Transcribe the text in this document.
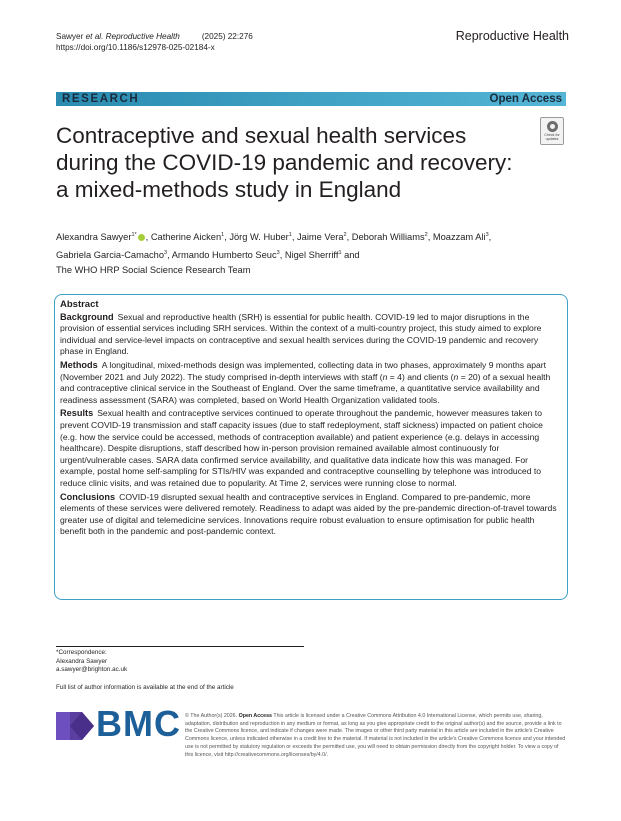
Sawyer et al. Reproductive Health	(2025) 22:276
https://doi.org/10.1186/s12978-025-02184-x
Reproductive Health
RESEARCH	Open Access
Contraceptive and sexual health services during the COVID-19 pandemic and recovery: a mixed-methods study in England
Check for
updates
Alexandra Sawyer$^{1*}$ , Catherine Aicken$^1$, Jörg W. Huber$^1$, Jaime Vera$^2$, Deborah Williams$^2$, Moazzam Ali$^3$,
Gabriela Garcia-Camacho$^3$, Armando Humberto Seuc$^3$, Nigel Sherriff$^1$ and
The WHO HRP Social Science Research Team
Abstract

Background Sexual and reproductive health (SRH) is essential for public health. COVID-19 led to major disruptions in the provision of essential services including SRH services. Within the context of a multi-country project, this study aimed to explore individual and service-level impacts on contraceptive and sexual health services during the COVID-19 pandemic and recovery phase in England.

Methods A longitudinal, mixed-methods design was implemented, collecting data in two phases, approximately 9 months apart (November 2021 and July 2022). The study comprised in-depth interviews with staff (n = 4) and clients (n = 20) of a sexual health and contraceptive clinical service in the Southeast of England. Over the same timeframe, a quantitative service availability and readiness assessment (SARA) was completed, based on World Health Organization validated tools.

Results Sexual health and contraceptive services continued to operate throughout the pandemic, however measures taken to prevent COVID-19 transmission and staff capacity issues (due to staff redeployment, staff sickness) impacted on patient choice (e.g. how the service could be accessed, methods of contraception available) and patient experience (e.g. delays in accessing healthcare). Despite disruptions, staff described how in-person provision remained available almost continuously for urgent/vulnerable cases. SARA data confirmed service availability, and qualitative data indicate how this was managed. For example, postal home self-sampling for STIs/HIV was expanded and contraceptive counselling by telephone was introduced to reduce clinic visits, and was retained due to popularity. At Time 2, services were running close to normal.

Conclusions COVID-19 disrupted sexual health and contraceptive services in England. Compared to pre-pandemic, more elements of these services were delivered remotely. Readiness to adapt was aided by the pre-pandemic direction-of-travel towards greater use of digital and telemedicine services. Innovations require robust evaluation to ensure optimisation for public health benefit both in the pandemic and post-pandemic context.

*Correspondence:
Alexandra Sawyer
a.sawyer@brighton.ac.uk
Full list of author information is available at the end of the article
BMC © The Author(s) 2026. Open Access This article is licensed under a Creative Commons Attribution 4.0 International License, which permits use, sharing, adaptation, distribution and reproduction in any medium or format, as long as you give appropriate credit to the original author(s) and the source, provide a link to the Creative Commons licence, and indicate if changes were made. The images or other third party material in this article are included in the article's Creative Commons licence, unless indicated otherwise in a credit line to the material. If material is not included in the article's Creative Commons licence and your intended use is not permitted by statutory regulation or exceeds the permitted use, you will need to obtain permission directly from the copyright holder. To view a copy of this licence, visit http://creativecommons.org/licenses/by/4.0/.
